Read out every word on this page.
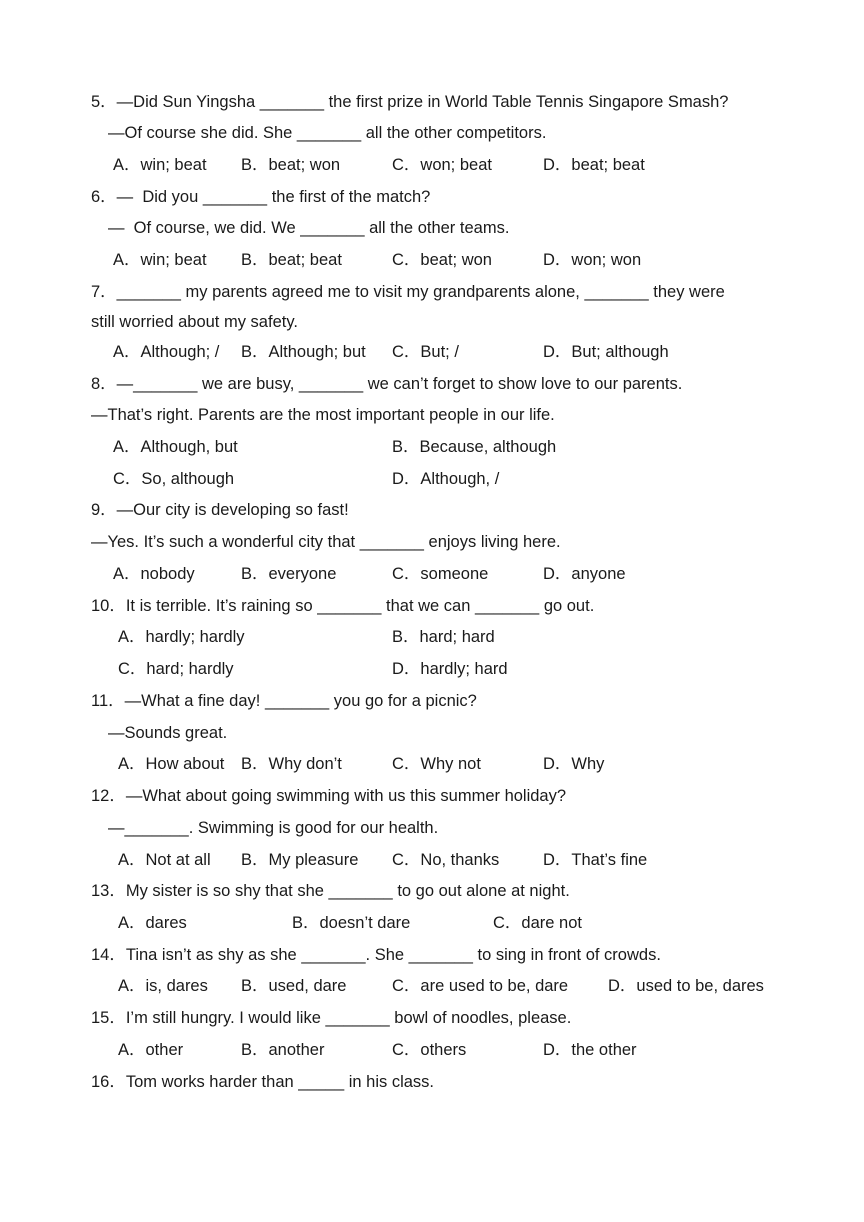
5．—Did Sun Yingsha _______ the first prize in World Table Tennis Singapore Smash?
—Of course she did. She _______ all the other competitors.

A．win; beat

B．beat; won

	C．won; beat

	D．beat; beat

6．—  Did you _______ the first of the match?
—  Of course, we did. We _______ all the other teams.

A．win; beat

B．beat; beat

	C．beat; won

	D．won; won

7．_______ my parents agreed me to visit my grandparents alone, _______ they were
still worried about my safety.

A．Although; /

B．Although; but

C．But; /

	D．But; although

8．—_______ we are busy, _______ we can’t forget to show love to our parents.
—That’s right. Parents are the most important people in our life.

A．Although, but

	B．Because, although

C．So, although

	D．Although, /

9．—Our city is developing so fast!
—Yes. It’s such a wonderful city that _______ enjoys living here.

A．nobody

	B．everyone

	C．someone

	D．anyone

10．It is terrible. It’s raining so _______ that we can _______ go out.

A．hardly; hardly

	B．hard; hard

C．hard; hardly

	D．hardly; hard

11．—What a fine day! _______ you go for a picnic?
—Sounds great.

A．How about

B．Why don’t

	C．Why not

	D．Why

12．—What about going swimming with us this summer holiday?
—_______. Swimming is good for our health.

A．Not at all

B．My pleasure

C．No, thanks

	D．That’s fine

13．My sister is so shy that she _______ to go out alone at night.

A．dares

	B．doesn’t dare

	C．dare not

14．Tina isn’t as shy as she _______. She _______ to sing in front of crowds.

A．is, dares

B．used, dare

	C．are used to be, dare

D．used to be, dares

15．I’m still hungry. I would like _______ bowl of noodles, please.

A．other

	B．another

	C．others

	D．the other

16．Tom works harder than _____ in his class.
